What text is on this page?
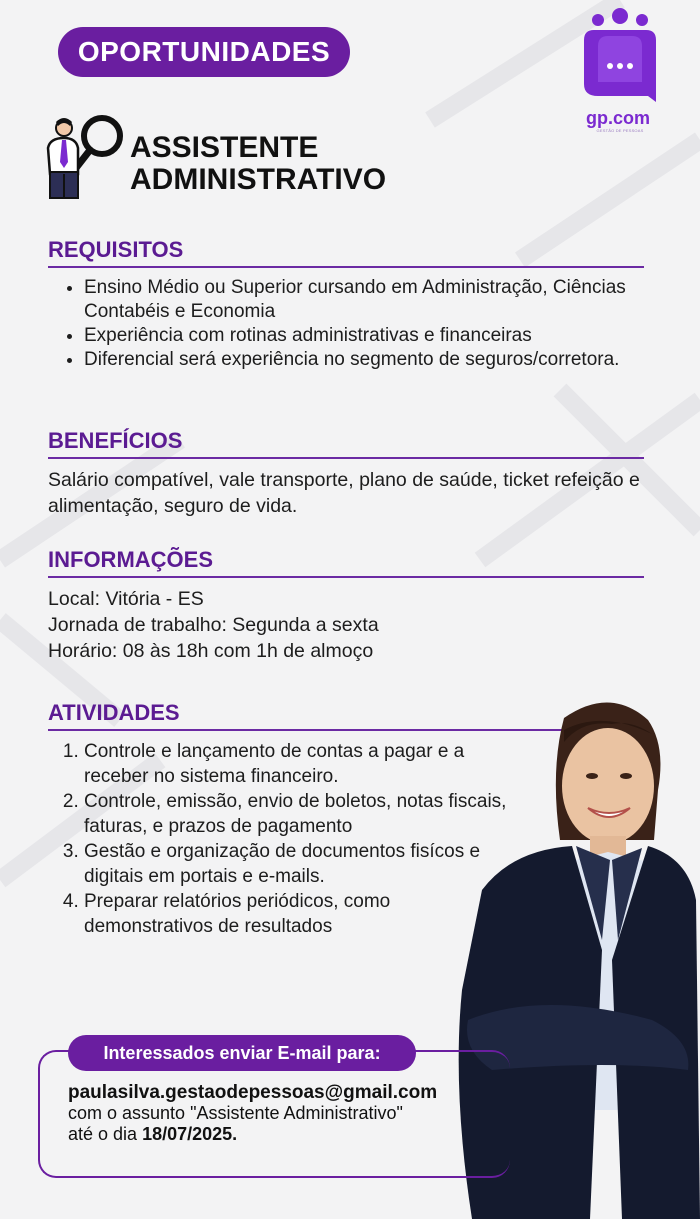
OPORTUNIDADES
gp.com
GESTÃO DE PESSOAS
ASSISTENTE
ADMINISTRATIVO
REQUISITOS
• Ensino Médio ou Superior cursando em Administração, Ciências Contabéis e Economia
• Experiência com rotinas administrativas e financeiras
• Diferencial será experiência no segmento de seguros/corretora.
BENEFÍCIOS

Salário compatível, vale transporte, plano de saúde, ticket refeição e alimentação, seguro de vida.

INFORMAÇÕES
Local: Vitória - ES
Jornada de trabalho: Segunda a sexta
Horário: 08 às 18h com 1h de almoço
ATIVIDADES
1. Controle e lançamento de contas a pagar e a receber no sistema financeiro.
2. Controle, emissão, envio de boletos, notas fiscais, faturas, e prazos de pagamento
3. Gestão e organização de documentos fisícos e digitais em portais e e-mails.
4. Preparar relatórios periódicos, como demonstrativos de resultados
Interessados enviar E-mail para:
paulasilva.gestaodepessoas@gmail.com
com o assunto "Assistente Administrativo"
até o dia 18/07/2025.
